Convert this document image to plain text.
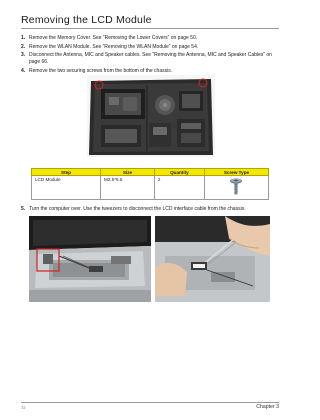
Removing the LCD Module
1. Remove the Memory Cover. See “Removing the Lower Covers” on page 50.
2. Remove the WLAN Module. See “Removing the WLAN Module” on page 54.
3. Disconnect the Antenna, MIC and Speaker cables. See “Removing the Antenna, MIC and Speaker Cables” on page 66.
4. Remove the two securing screws from the bottom of the chassis.
Step	Size	Quantity	Screw Type
LCD Module	M2.5*6.5	2	
5. Turn the computer over. Use the tweezers to disconnect the LCD interface cable from the chassis.
72	Chapter 3
